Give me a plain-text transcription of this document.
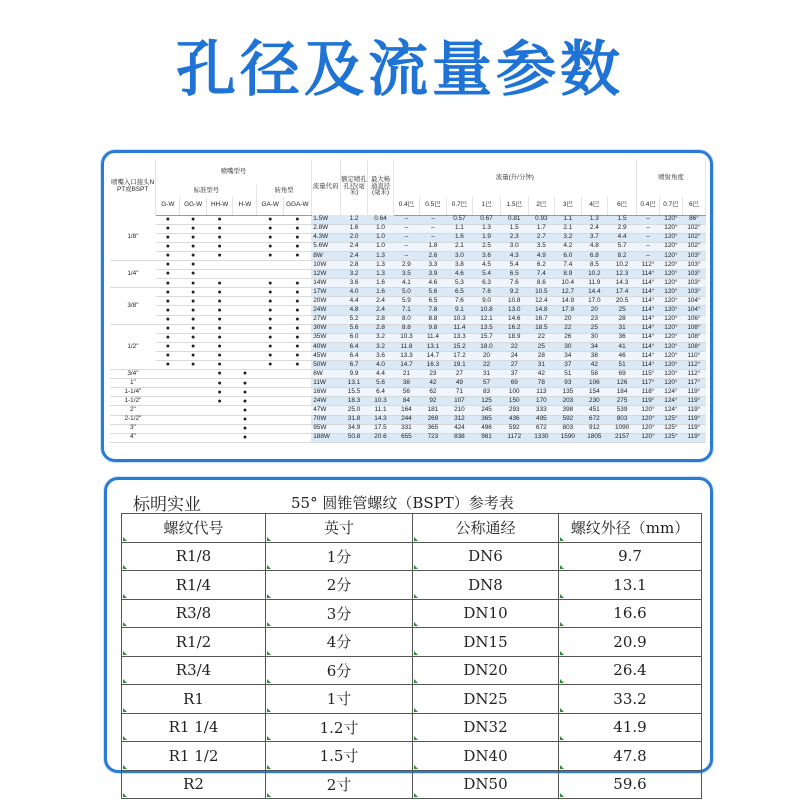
孔径及流量参数
喷嘴入口接头NPT或BSPT	喷嘴型号						流量代码	额定喷孔孔径(毫米)	最大畅通直径(毫米)	流量(升/分钟)									喷射角度		
	标准型号				转角型																
	G-W	GG-W	HH-W	H-W	GA-W	GGA-W				0.4巴	0.5巴	0.7巴	1巴	1.5巴	2巴	3巴	4巴	6巴	0.4巴	0.7巴	6巴
1/8"	●	●	●		●	●	1.5W	1.2	0.64	–	–	0.57	0.67	0.81	0.93	1.1	1.3	1.5	–	120°	86°
	●	●	●		●	●	2.8W	1.6	1.0	–	–	1.1	1.3	1.5	1.7	2.1	2.4	2.9	–	120°	102°
	●	●	●		●	●	4.3W	2.0	1.0	–	–	1.6	1.9	2.3	2.7	3.2	3.7	4.4	–	120°	102°
	●	●	●		●	●	5.6W	2.4	1.0	–	1.8	2.1	2.5	3.0	3.5	4.2	4.8	5.7	–	120°	102°
	●	●	●		●	●	8W	2.4	1.3	–	2.6	3.0	3.6	4.3	4.9	6.0	6.8	8.2	–	120°	103°
1/4"	●	●					10W	2.8	1.3	2.9	3.3	3.8	4.5	5.4	6.2	7.4	8.5	10.2	112°	120°	103°
	●	●					12W	3.2	1.3	3.5	3.9	4.6	5.4	6.5	7.4	8.9	10.2	12.3	114°	120°	103°
	●	●	●		●	●	14W	3.6	1.6	4.1	4.6	5.3	6.3	7.6	8.6	10.4	11.9	14.3	114°	120°	103°
3/8"	●	●	●		●	●	17W	4.0	1.6	5.0	5.6	6.5	7.6	9.2	10.5	12.7	14.4	17.4	114°	120°	103°
	●	●	●		●	●	20W	4.4	2.4	5.9	6.5	7.6	9.0	10.8	12.4	14.9	17.0	20.5	114°	120°	104°
	●	●	●		●	●	24W	4.8	2.4	7.1	7.8	9.1	10.8	13.0	14.8	17.9	20	25	114°	120°	104°
	●	●	●		●	●	27W	5.2	2.8	8.0	8.8	10.3	12.1	14.6	16.7	20	23	28	114°	120°	106°
1/2"	●	●	●		●	●	30W	5.6	2.8	8.8	9.8	11.4	13.5	16.2	18.5	22	25	31	114°	120°	108°
	●	●	●		●	●	35W	6.0	3.2	10.3	11.4	13.3	15.7	18.9	22	26	30	36	114°	120°	108°
	●	●	●		●	●	40W	6.4	3.2	11.8	13.1	15.2	18.0	22	25	30	34	41	114°	120°	108°
	●	●	●		●	●	45W	6.4	3.6	13.3	14.7	17.2	20	24	28	34	38	46	114°	120°	110°
	●	●	●		●	●	50W	6.7	4.0	14.7	16.3	19.1	22	27	31	37	42	51	114°	120°	112°
3/4"			●	●			6W	9.9	4.4	21	23	27	31	37	42	51	58	69	115°	120°	112°
1"			●	●			11W	13.1	5.6	38	42	49	57	69	78	93	106	126	117°	120°	117°
1-1/4"			●	●			16W	15.5	6.4	56	62	71	83	100	113	135	154	184	118°	124°	119°
1-1/2"			●	●			24W	18.3	10.3	84	92	107	125	150	170	203	230	275	119°	124°	119°
2"				●			47W	25.0	11.1	164	181	210	245	293	333	398	451	539	120°	124°	119°
2-1/2"				●			70W	31.8	14.3	244	269	312	365	436	495	592	672	803	120°	125°	119°
3"				●			95W	34.9	17.5	331	365	424	496	592	672	803	912	1090	120°	125°	119°
4"				●			188W	50.8	20.6	655	723	838	981	1172	1330	1590	1805	2157	120°	125°	119°
标明实业	55° 圆锥管螺纹（BSPT）参考表
螺纹代号	英寸	公称通经	螺纹外径（mm）
R1/8	1分	DN6	9.7
R1/4	2分	DN8	13.1
R3/8	3分	DN10	16.6
R1/2	4分	DN15	20.9
R3/4	6分	DN20	26.4
R1	1寸	DN25	33.2
R1 1/4	1.2寸	DN32	41.9
R1 1/2	1.5寸	DN40	47.8
R2	2寸	DN50	59.6
